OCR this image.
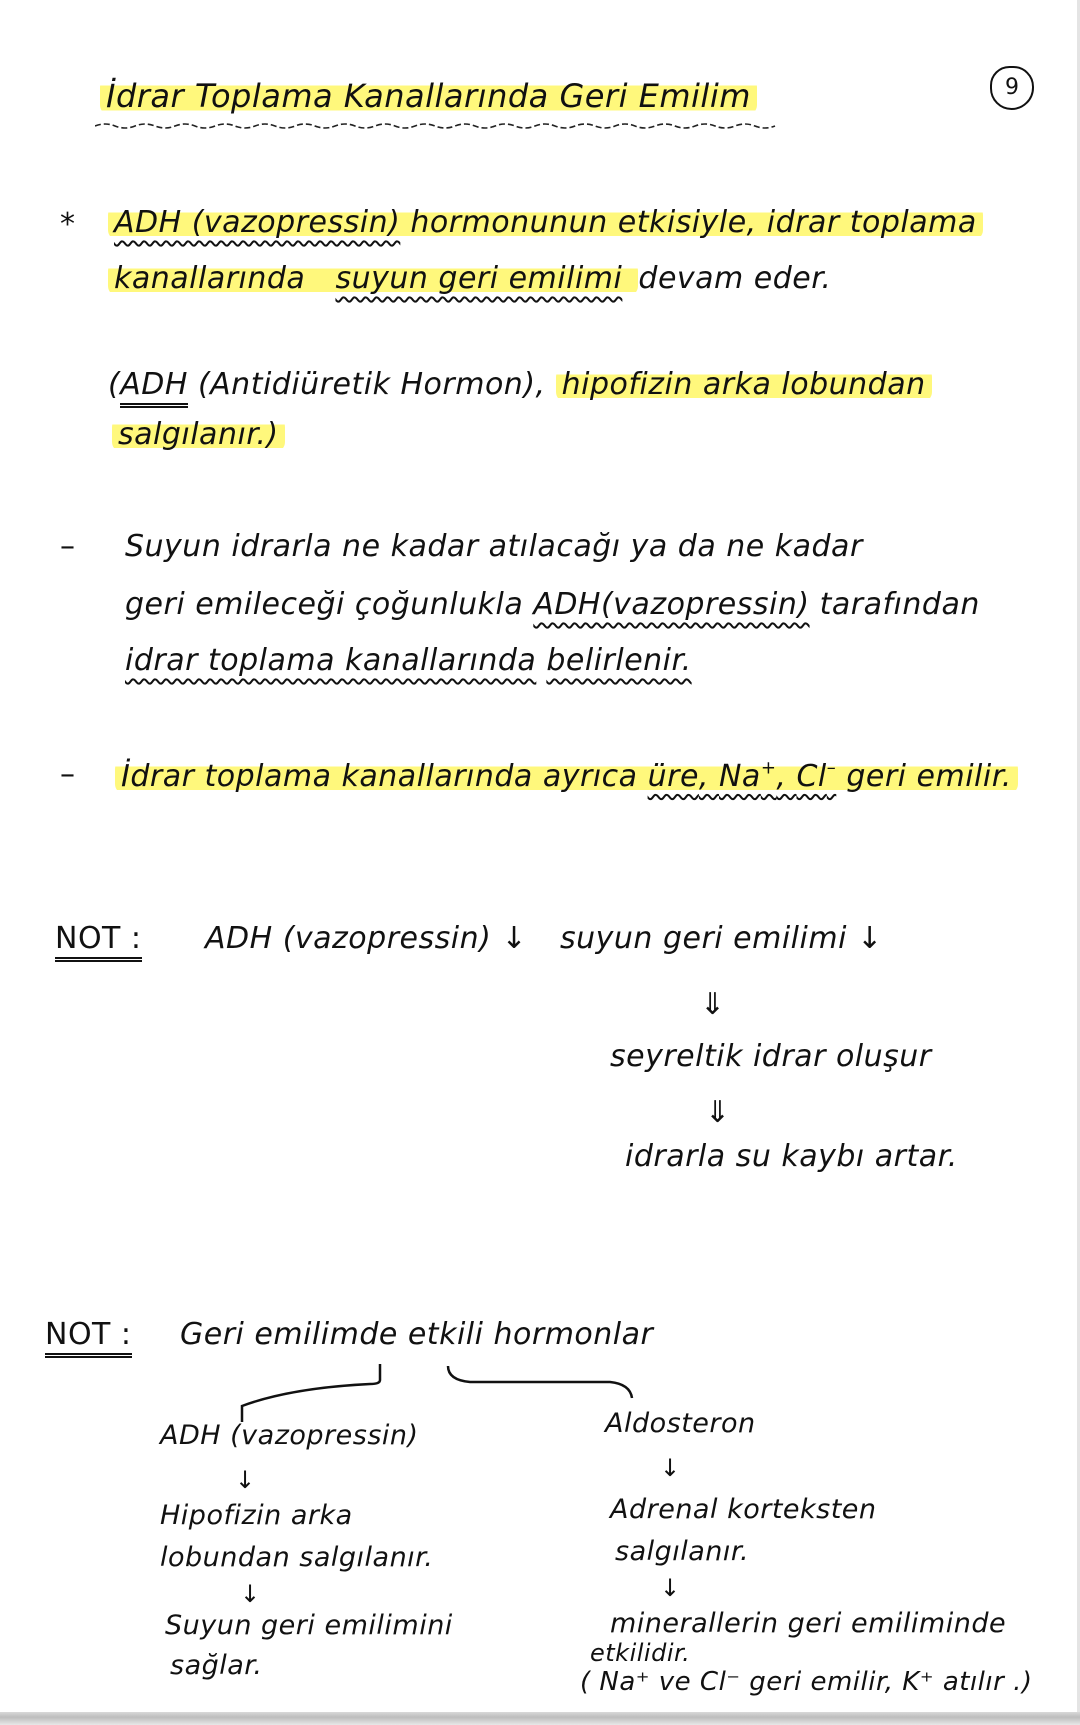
İdrar Toplama Kanallarında Geri Emilim	9
* ADH (vazopressin) hormonunun etkisiyle, idrar toplama
kanallarında suyun geri emilimi devam eder.
(ADH (Antidiüretik Hormon), hipofizin arka lobundan
salgılanır.)
– Suyun idrarla ne kadar atılacağı ya da ne kadar
geri emileceği çoğunlukla ADH(vazopressin) tarafından
idrar toplama kanallarında belirlenir.
– İdrar toplama kanallarında ayrıca üre, Na+, Cl– geri emilir.
NOT : ADH (vazopressin) ↓ suyun geri emilimi ↓
⇓
seyreltik idrar oluşur
⇓
idrarla su kaybı artar.
NOT : Geri emilimde etkili hormonlar
ADH (vazopressin)
↓
Hipofizin arka
lobundan salgılanır.
↓
Suyun geri emilimini
sağlar.
Aldosteron
↓
Adrenal korteksten
salgılanır.
↓
minerallerin geri emiliminde
etkilidir.
( Na⁺ ve Cl⁻ geri emilir, K⁺ atılır .)
